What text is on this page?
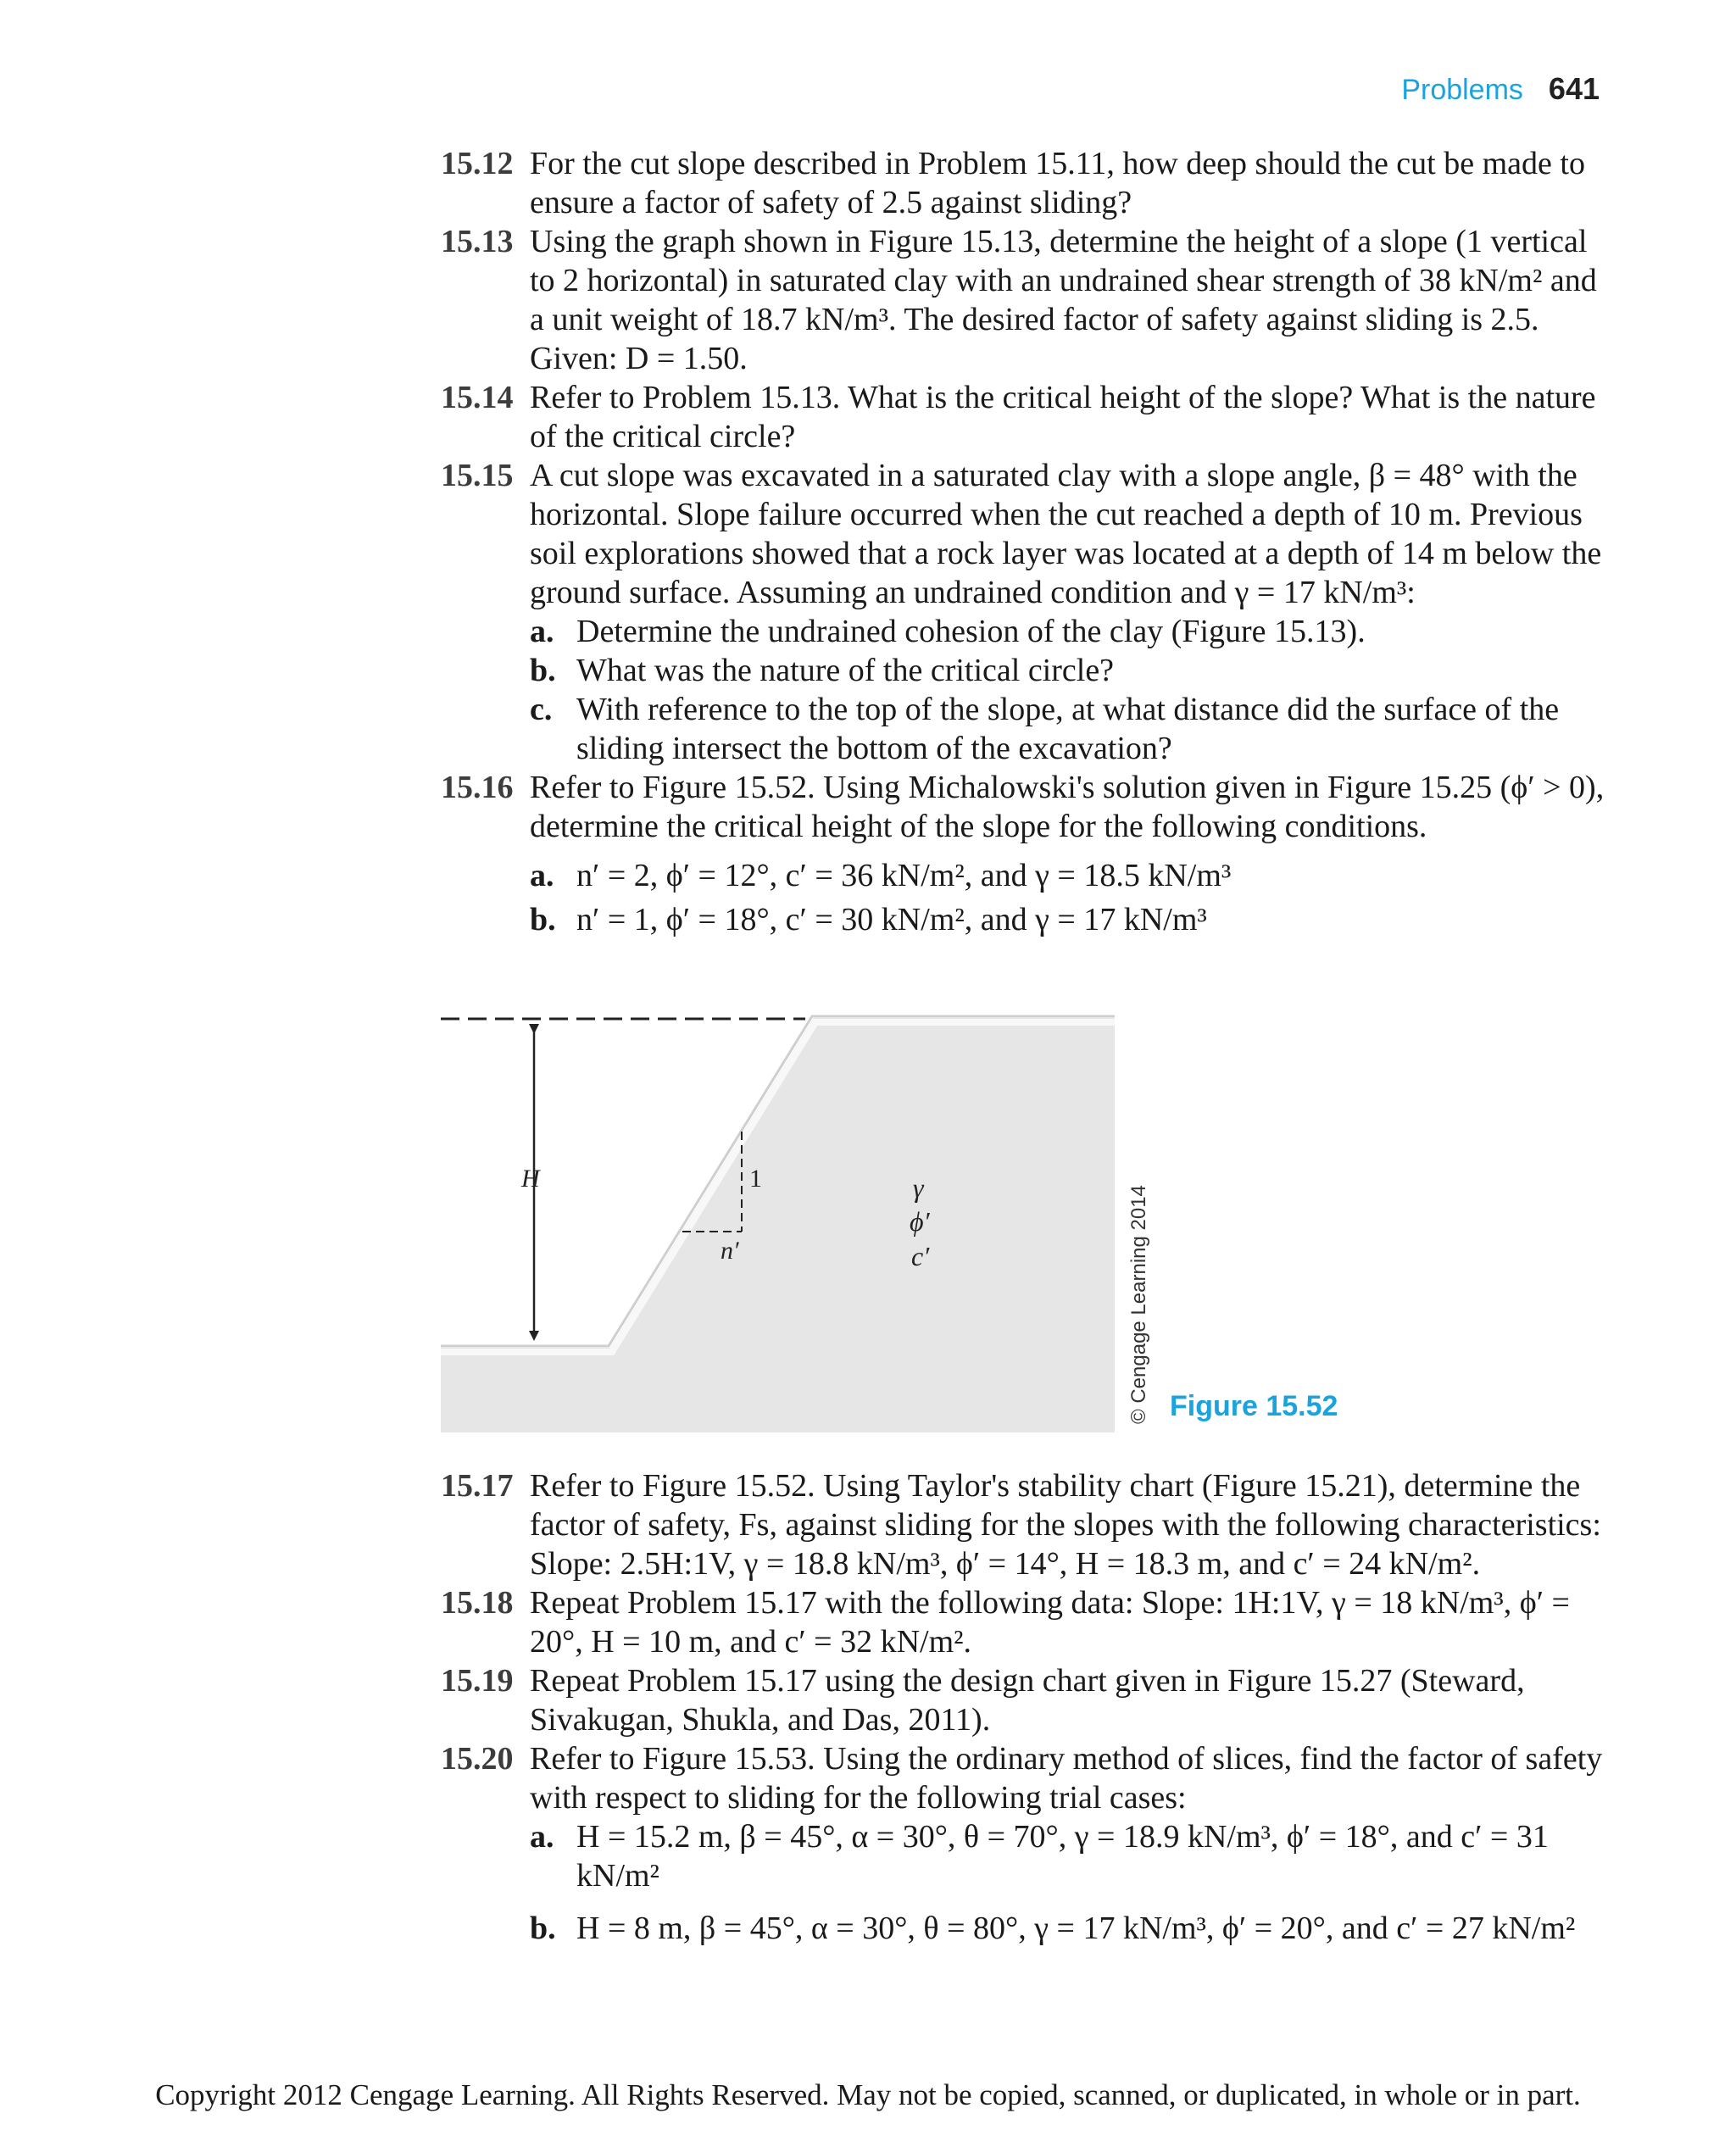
Problems 641
15.12 For the cut slope described in Problem 15.11, how deep should the cut be made to ensure a factor of safety of 2.5 against sliding?
15.13 Using the graph shown in Figure 15.13, determine the height of a slope (1 vertical to 2 horizontal) in saturated clay with an undrained shear strength of 38 kN/m² and a unit weight of 18.7 kN/m³. The desired factor of safety against sliding is 2.5. Given: D = 1.50.
15.14 Refer to Problem 15.13. What is the critical height of the slope? What is the nature of the critical circle?
15.15 A cut slope was excavated in a saturated clay with a slope angle, β = 48° with the horizontal. Slope failure occurred when the cut reached a depth of 10 m. Previous soil explorations showed that a rock layer was located at a depth of 14 m below the ground surface. Assuming an undrained condition and γ = 17 kN/m³:
a. Determine the undrained cohesion of the clay (Figure 15.13).
b. What was the nature of the critical circle?
c. With reference to the top of the slope, at what distance did the surface of the sliding intersect the bottom of the excavation?
15.16 Refer to Figure 15.52. Using Michalowski's solution given in Figure 15.25 (ϕ′ > 0), determine the critical height of the slope for the following conditions.
a. n′ = 2, ϕ′ = 12°, c′ = 36 kN/m², and γ = 18.5 kN/m³
b. n′ = 1, ϕ′ = 18°, c′ = 30 kN/m², and γ = 17 kN/m³
H	1
n′
γ
ϕ′
c′	© Cengage Learning 2014 Figure 15.52
15.17 Refer to Figure 15.52. Using Taylor's stability chart (Figure 15.21), determine the factor of safety, Fs, against sliding for the slopes with the following characteristics: Slope: 2.5H:1V, γ = 18.8 kN/m³, ϕ′ = 14°, H = 18.3 m, and c′ = 24 kN/m².
15.18 Repeat Problem 15.17 with the following data: Slope: 1H:1V, γ = 18 kN/m³, ϕ′ = 20°, H = 10 m, and c′ = 32 kN/m².
15.19 Repeat Problem 15.17 using the design chart given in Figure 15.27 (Steward, Sivakugan, Shukla, and Das, 2011).
15.20 Refer to Figure 15.53. Using the ordinary method of slices, find the factor of safety with respect to sliding for the following trial cases:
a. H = 15.2 m, β = 45°, α = 30°, θ = 70°, γ = 18.9 kN/m³, ϕ′ = 18°, and c′ = 31 kN/m²
b. H = 8 m, β = 45°, α = 30°, θ = 80°, γ = 17 kN/m³, ϕ′ = 20°, and c′ = 27 kN/m²
Copyright 2012 Cengage Learning. All Rights Reserved. May not be copied, scanned, or duplicated, in whole or in part.
